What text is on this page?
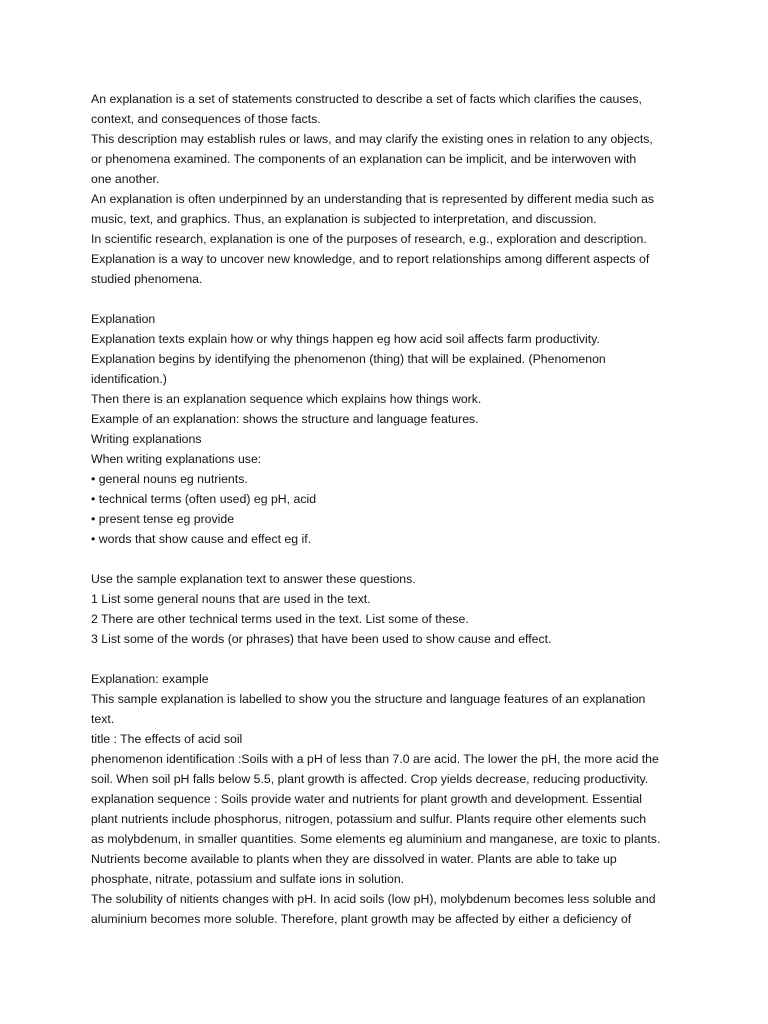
An explanation is a set of statements constructed to describe a set of facts which clarifies the causes,
context, and consequences of those facts.
This description may establish rules or laws, and may clarify the existing ones in relation to any objects,
or phenomena examined. The components of an explanation can be implicit, and be interwoven with
one another.
An explanation is often underpinned by an understanding that is represented by different media such as
music, text, and graphics. Thus, an explanation is subjected to interpretation, and discussion.
In scientific research, explanation is one of the purposes of research, e.g., exploration and description.
Explanation is a way to uncover new knowledge, and to report relationships among different aspects of
studied phenomena.
Explanation
Explanation texts explain how or why things happen eg how acid soil affects farm productivity.
Explanation begins by identifying the phenomenon (thing) that will be explained. (Phenomenon
identification.)
Then there is an explanation sequence which explains how things work.
Example of an explanation: shows the structure and language features.
Writing explanations
When writing explanations use:
• general nouns eg nutrients.
• technical terms (often used) eg pH, acid
• present tense eg provide
• words that show cause and effect eg if.
Use the sample explanation text to answer these questions.
1 List some general nouns that are used in the text.
2 There are other technical terms used in the text. List some of these.
3 List some of the words (or phrases) that have been used to show cause and effect.
Explanation: example
This sample explanation is labelled to show you the structure and language features of an explanation
text.
title : The effects of acid soil
phenomenon identification :Soils with a pH of less than 7.0 are acid. The lower the pH, the more acid the
soil. When soil pH falls below 5.5, plant growth is affected. Crop yields decrease, reducing productivity.
explanation sequence : Soils provide water and nutrients for plant growth and development. Essential
plant nutrients include phosphorus, nitrogen, potassium and sulfur. Plants require other elements such
as molybdenum, in smaller quantities. Some elements eg aluminium and manganese, are toxic to plants.
Nutrients become available to plants when they are dissolved in water. Plants are able to take up
phosphate, nitrate, potassium and sulfate ions in solution.
The solubility of nitients changes with pH. In acid soils (low pH), molybdenum becomes less soluble and
aluminium becomes more soluble. Therefore, plant growth may be affected by either a deficiency of
